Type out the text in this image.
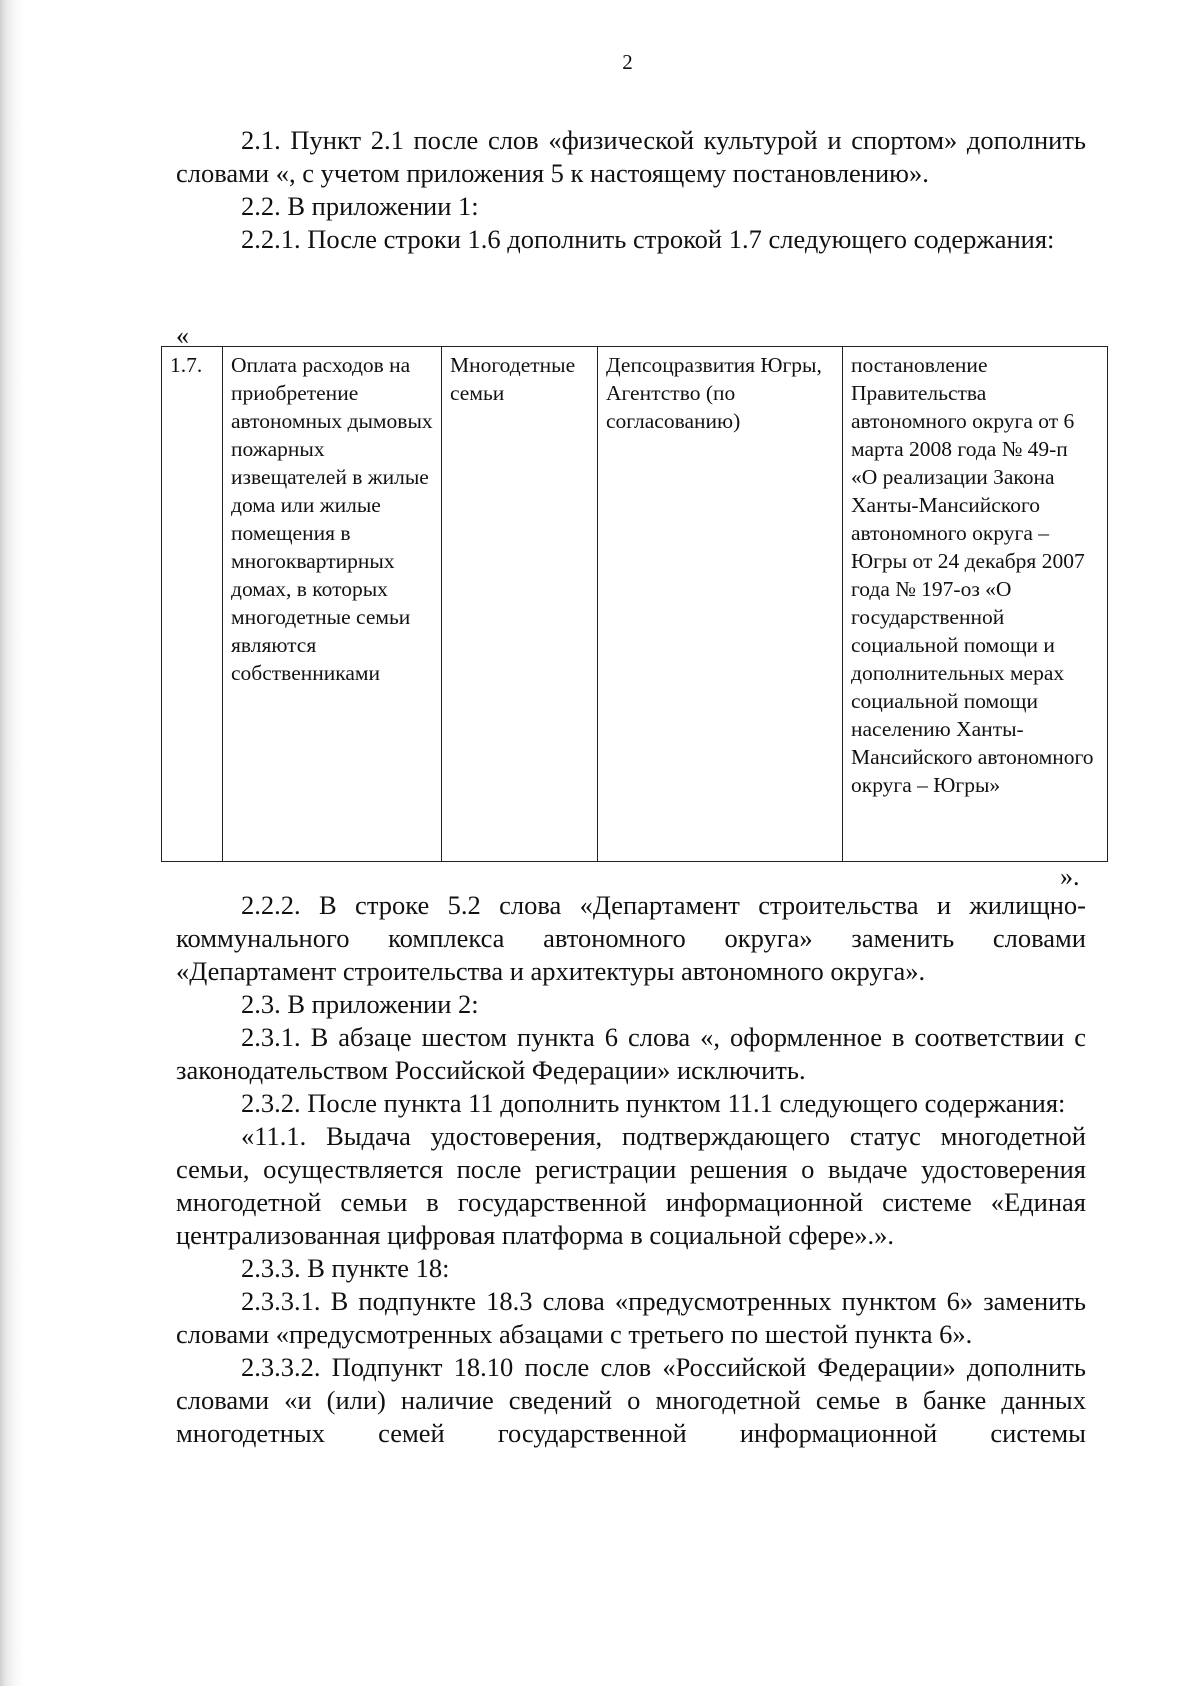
2

2.1. Пункт 2.1 после слов «физической культурой и спортом» дополнить словами «, с учетом приложения 5 к настоящему постановлению».

2.2. В приложении 1:

2.2.1. После строки 1.6 дополнить строкой 1.7 следующего содержания:

«
1.7.	Оплата расходов на приобретение автономных дымовых пожарных извещателей в жилые дома или жилые помещения в многоквартирных домах, в которых многодетные семьи являются собственниками	Многодетные семьи	Депсоцразвития Югры, Агентство (по согласованию)	постановление Правительства автономного округа от 6 марта 2008 года № 49-п «О реализации Закона Ханты-Мансийского автономного округа – Югры от 24 декабря 2007 года № 197-оз «О государственной социальной помощи и дополнительных мерах социальной помощи населению Ханты-Мансийского автономного округа – Югры»
».

2.2.2. В строке 5.2 слова «Департамент строительства и жилищно-коммунального комплекса автономного округа» заменить словами «Департамент строительства и архитектуры автономного округа».

2.3. В приложении 2:

2.3.1. В абзаце шестом пункта 6 слова «, оформленное в соответствии с законодательством Российской Федерации» исключить.

2.3.2. После пункта 11 дополнить пунктом 11.1 следующего содержания:

«11.1. Выдача удостоверения, подтверждающего статус многодетной семьи, осуществляется после регистрации решения о выдаче удостоверения многодетной семьи в государственной информационной системе «Единая централизованная цифровая платформа в социальной сфере».».

2.3.3. В пункте 18:

2.3.3.1. В подпункте 18.3 слова «предусмотренных пунктом 6» заменить словами «предусмотренных абзацами с третьего по шестой пункта 6».

2.3.3.2. Подпункт 18.10 после слов «Российской Федерации» дополнить словами «и (или) наличие сведений о многодетной семье в банке данных многодетных семей государственной информационной системы
